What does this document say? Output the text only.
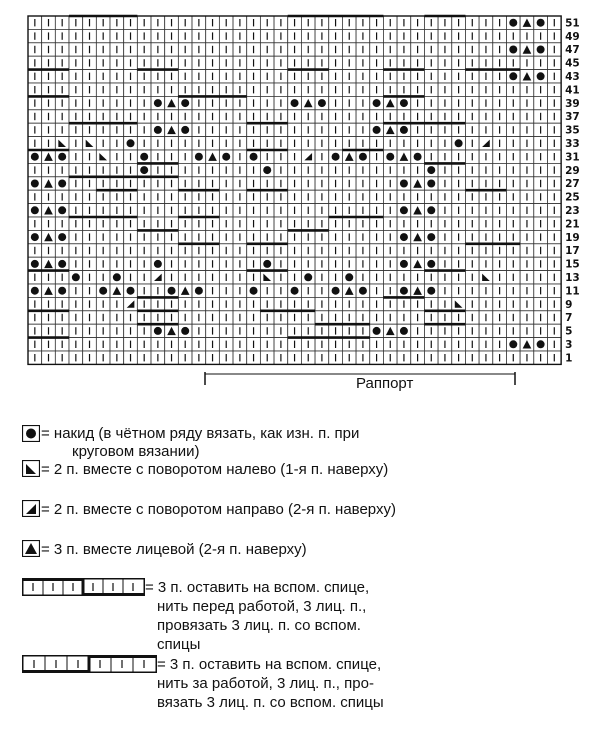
51
49
47
45
43
41
39
37
35
33
31
29
27
25
23
21
19
17
15
13
11
9
7
5
3
1
Раппорт
= накид (в чётном ряду вязать, как изн. п. при
круговом вязании)
= 2 п. вместе с поворотом налево (1-я п. наверху)
= 2 п. вместе с поворотом направо (2-я п. наверху)
= 3 п. вместе лицевой (2-я п. наверху)
= 3 п. оставить на вспом. спице,
нить перед работой, 3 лиц. п.,
провязать 3 лиц. п. со вспом.
спицы
= 3 п. оставить на вспом. спице,
нить за работой, 3 лиц. п., про-
вязать 3 лиц. п. со вспом. спицы
